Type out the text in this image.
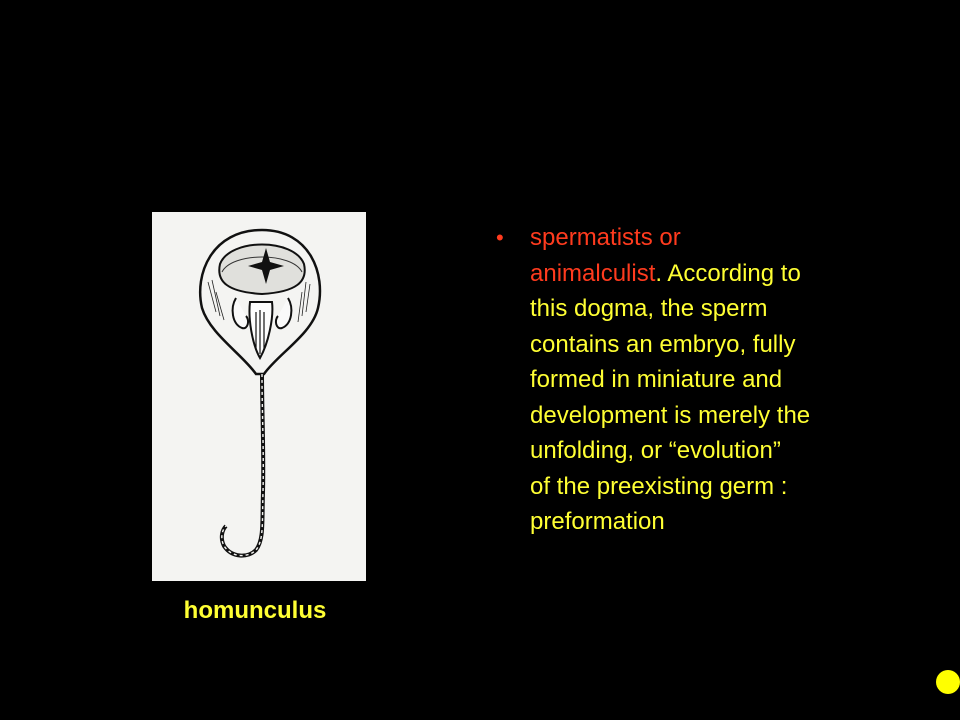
homunculus
• spermatists or
animalculist. According to
this dogma, the sperm
contains an embryo, fully
formed in miniature and
development is merely the
unfolding, or “evolution”
of the preexisting germ :
preformation
